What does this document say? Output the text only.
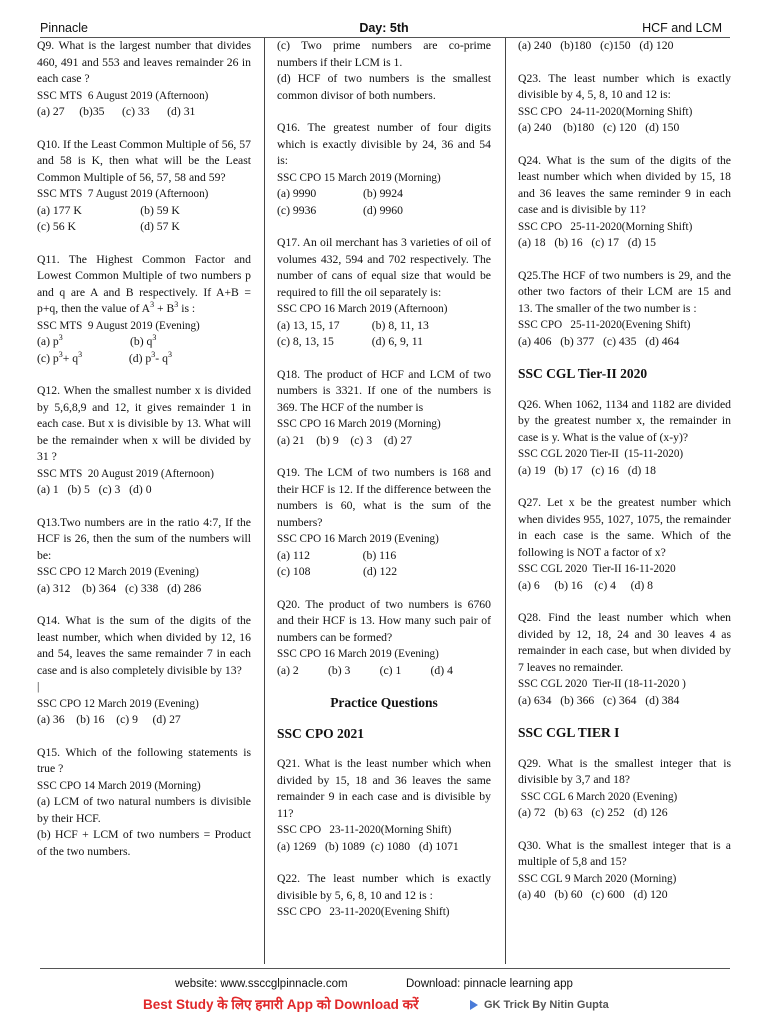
Pinnacle	Day: 5th	HCF and LCM
Q9. What is the largest number that divides 460, 491 and 553 and leaves remainder 26 in each case ?
SSC MTS  6 August 2019 (Afternoon)
(a) 27     (b)35      (c) 33      (d) 31
Q10. If the Least Common Multiple of 56, 57 and 58 is K, then what will be the Least Common Multiple of 56, 57, 58 and 59?
SSC MTS  7 August 2019 (Afternoon)
(a) 177 K                    (b) 59 K
(c) 56 K                      (d) 57 K
Q11. The Highest Common Factor and Lowest Common Multiple of two numbers p and q are A and B respectively. If A+B = p+q, then the value of $A^3 + B^3$ is :
SSC MTS  9 August 2019 (Evening)
(a) $p^3$                       (b) $q^3$
(c) $p^3+ q^3$                (d) $p^3-$ $q^3$
Q12. When the smallest number x is divided by 5,6,8,9 and 12, it gives remainder 1 in each case. But x is divisible by 13. What will be the remainder when x will be divided by 31 ?
SSC MTS  20 August 2019 (Afternoon)
(a) 1   (b) 5   (c) 3   (d) 0
Q13.Two numbers are in the ratio 4:7, If the HCF is 26, then the sum of the numbers will be:
SSC CPO 12 March 2019 (Evening)
(a) 312    (b) 364   (c) 338   (d) 286
Q14. What is the sum of the digits of the least number, which when divided by 12, 16 and 54, leaves the same remainder 7 in each case and is also completely divisible by 13?
|
SSC CPO 12 March 2019 (Evening)
(a) 36    (b) 16    (c) 9     (d) 27
Q15. Which of the following statements is true ?
SSC CPO 14 March 2019 (Morning)
(a) LCM of two natural numbers is divisible by their HCF.
(b) HCF + LCM of two numbers = Product of the two numbers.
(c) Two prime numbers are co-prime numbers if their LCM is 1.
(d) HCF of two numbers is the smallest common divisor of both numbers.
Q16. The greatest number of four digits which is exactly divisible by 24, 36 and 54 is:
SSC CPO 15 March 2019 (Morning)
(a) 9990                (b) 9924
(c) 9936                (d) 9960
Q17. An oil merchant has 3 varieties of oil of volumes 432, 594 and 702 respectively. The number of cans of equal size that would be required to fill the oil separately is:
SSC CPO 16 March 2019 (Afternoon)
(a) 13, 15, 17           (b) 8, 11, 13
(c) 8, 13, 15             (d) 6, 9, 11
Q18. The product of HCF and LCM of two numbers is 3321. If one of the numbers is 369. The HCF of the number is
SSC CPO 16 March 2019 (Morning)
(a) 21    (b) 9    (c) 3    (d) 27
Q19. The LCM of two numbers is 168 and their HCF is 12. If the difference between the numbers is 60, what is the sum of the numbers?
SSC CPO 16 March 2019 (Evening)
(a) 112                  (b) 116
(c) 108                  (d) 122
Q20. The product of two numbers is 6760 and their HCF is 13. How many such pair of numbers can be formed?
SSC CPO 16 March 2019 (Evening)
(a) 2          (b) 3          (c) 1          (d) 4
Practice Questions
SSC CPO 2021
Q21. What is the least number which when divided by 15, 18 and 36 leaves the same remainder 9 in each case and is divisible by 11?
SSC CPO   23-11-2020(Morning Shift)
(a) 1269   (b) 1089  (c) 1080   (d) 1071
Q22. The least number which is exactly divisible by 5, 6, 8, 10 and 12 is :
SSC CPO   23-11-2020(Evening Shift)
(a) 240   (b)180   (c)150   (d) 120
Q23. The least number which is exactly divisible by 4, 5, 8, 10 and 12 is:
SSC CPO   24-11-2020(Morning Shift)
(a) 240    (b)180   (c) 120   (d) 150
Q24. What is the sum of the digits of the least number which when divided by 15, 18 and 36 leaves the same reminder 9 in each case and is divisible by 11?
SSC CPO   25-11-2020(Morning Shift)
(a) 18   (b) 16   (c) 17   (d) 15
Q25.The HCF of two numbers is 29, and the other two factors of their LCM are 15 and 13. The smaller of the two number is :
SSC CPO   25-11-2020(Evening Shift)
(a) 406   (b) 377   (c) 435   (d) 464
SSC CGL Tier-II 2020
Q26. When 1062, 1134 and 1182 are divided by the greatest number x, the remainder in case is y. What is the value of (x-y)?
SSC CGL 2020 Tier-II  (15-11-2020)
(a) 19   (b) 17   (c) 16   (d) 18
Q27. Let x be the greatest number which when divides 955, 1027, 1075, the remainder in each case is the same. Which of the following is NOT a factor of x?
SSC CGL 2020  Tier-II 16-11-2020
(a) 6     (b) 16    (c) 4     (d) 8
Q28. Find the least number which when divided by 12, 18, 24 and 30 leaves 4 as remainder in each case, but when divided by 7 leaves no remainder.
SSC CGL 2020  Tier-II (18-11-2020 )
(a) 634   (b) 366   (c) 364   (d) 384
SSC CGL TIER I
Q29. What is the smallest integer that is divisible by 3,7 and 18?
SSC CGL 6 March 2020 (Evening)
(a) 72   (b) 63   (c) 252   (d) 126
Q30. What is the smallest integer that is a multiple of 5,8 and 15?
SSC CGL 9 March 2020 (Morning)
(a) 40   (b) 60   (c) 600   (d) 120
website: www.ssccglpinnacle.com	Download: pinnacle learning app
Best Study के लिए हमारी App को Download करें	GK Trick By Nitin Gupta
